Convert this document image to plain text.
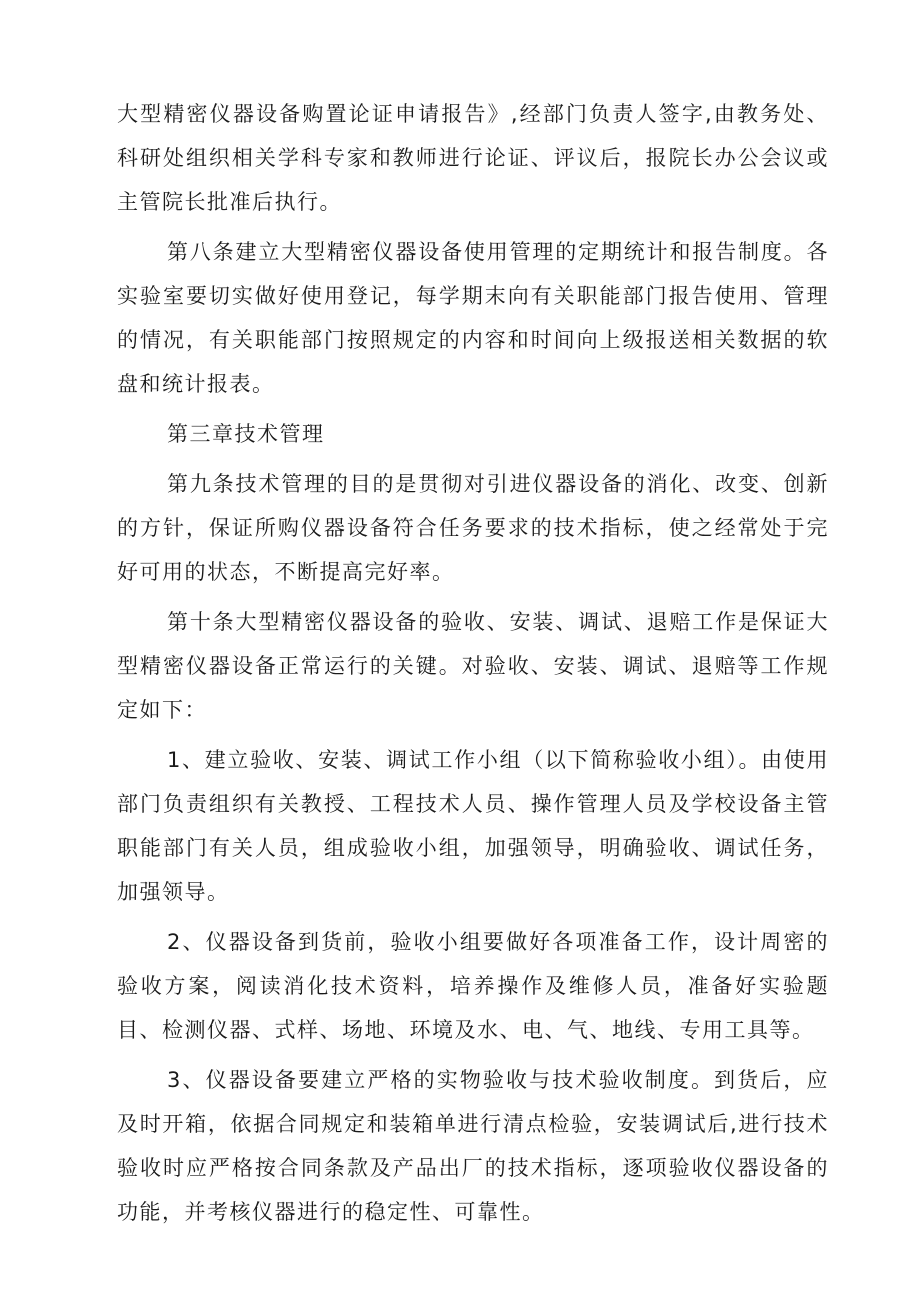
大型精密仪器设备购置论证申请报告》,经部门负责人签字,由教务处、科研处组织相关学科专家和教师进行论证、评议后，报院长办公会议或主管院长批准后执行。

第八条建立大型精密仪器设备使用管理的定期统计和报告制度。各实验室要切实做好使用登记，每学期末向有关职能部门报告使用、管理的情况，有关职能部门按照规定的内容和时间向上级报送相关数据的软盘和统计报表。

第三章技术管理

第九条技术管理的目的是贯彻对引进仪器设备的消化、改变、创新的方针，保证所购仪器设备符合任务要求的技术指标，使之经常处于完好可用的状态，不断提高完好率。

第十条大型精密仪器设备的验收、安装、调试、退赔工作是保证大型精密仪器设备正常运行的关键。对验收、安装、调试、退赔等工作规定如下：

1、建立验收、安装、调试工作小组（以下简称验收小组）。由使用部门负责组织有关教授、工程技术人员、操作管理人员及学校设备主管职能部门有关人员，组成验收小组，加强领导，明确验收、调试任务，加强领导。

2、仪器设备到货前，验收小组要做好各项准备工作，设计周密的验收方案，阅读消化技术资料，培养操作及维修人员，准备好实验题目、检测仪器、式样、场地、环境及水、电、气、地线、专用工具等。

3、仪器设备要建立严格的实物验收与技术验收制度。到货后，应及时开箱，依据合同规定和装箱单进行清点检验，安装调试后,进行技术验收时应严格按合同条款及产品出厂的技术指标，逐项验收仪器设备的功能，并考核仪器进行的稳定性、可靠性。
